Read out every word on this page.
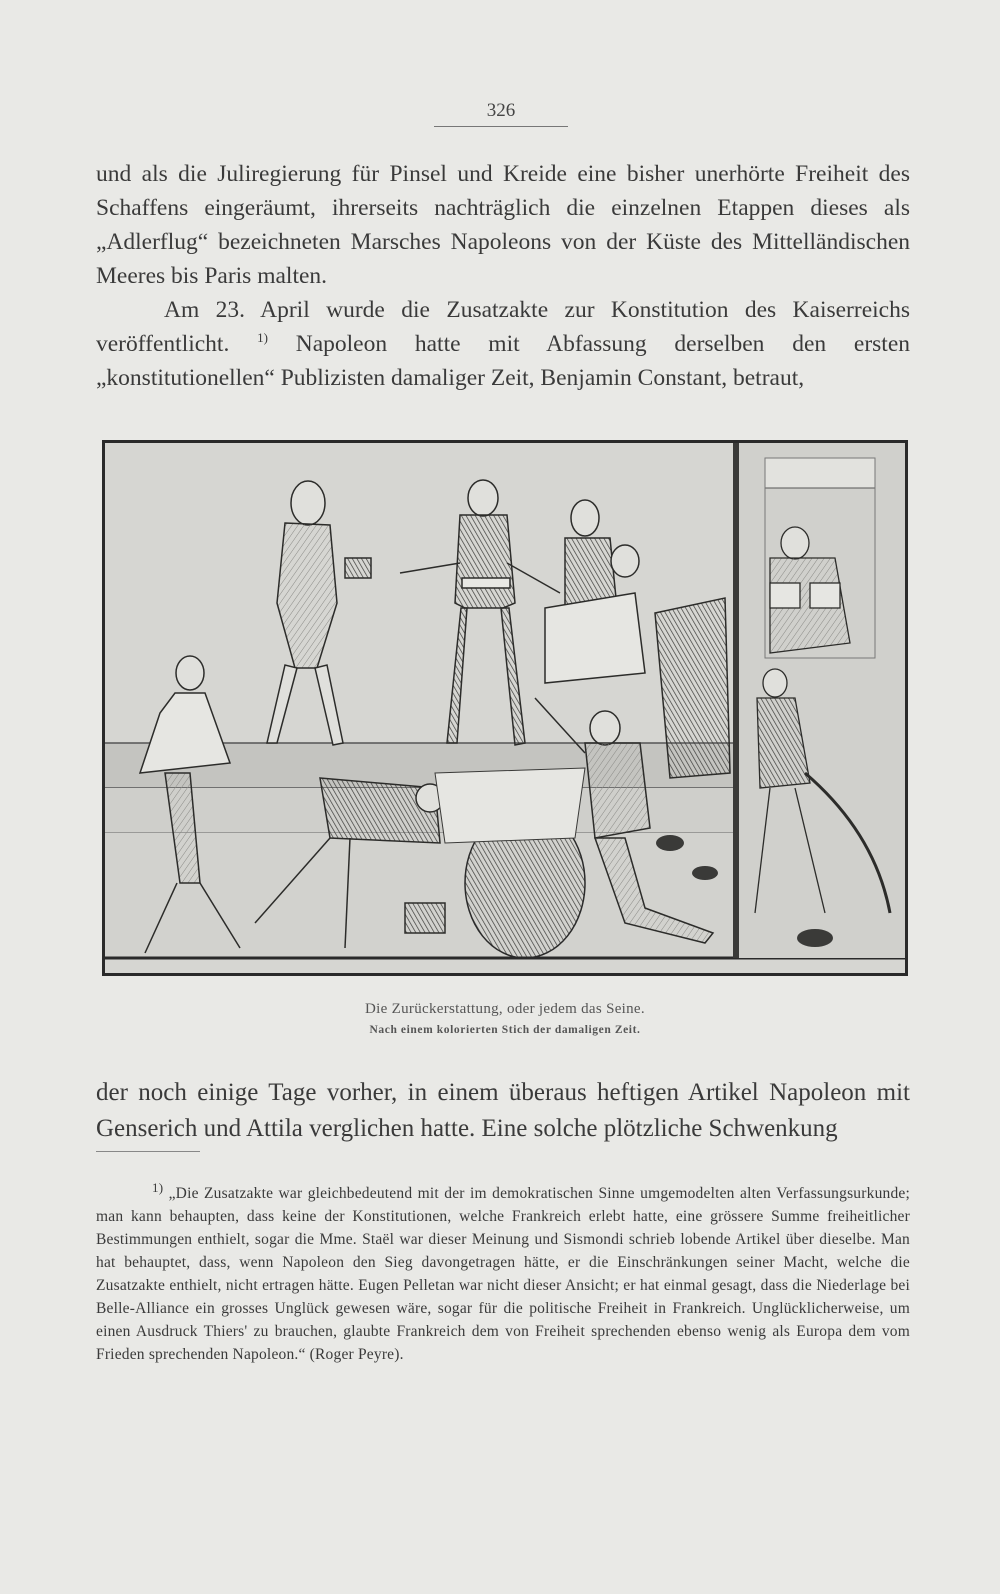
326

und als die Juliregierung für Pinsel und Kreide eine bisher unerhörte Freiheit des Schaffens eingeräumt, ihrerseits nachträglich die einzelnen Etappen dieses als „Adlerflug“ bezeichneten Marsches Napoleons von der Küste des Mittelländischen Meeres bis Paris malten.

Am 23. April wurde die Zusatzakte zur Konstitution des Kaiserreichs veröffentlicht. $^{1)}$ Napoleon hatte mit Abfassung derselben den ersten „konstitutionellen“ Publizisten damaliger Zeit, Benjamin Constant, betraut,

Die Zurückerstattung, oder jedem das Seine.
Nach einem kolorierten Stich der damaligen Zeit.

der noch einige Tage vorher, in einem überaus heftigen Artikel Napoleon mit Genserich und Attila verglichen hatte. Eine solche plötzliche Schwenkung

$^{1)}$ „Die Zusatzakte war gleichbedeutend mit der im demokratischen Sinne umgemodelten alten Verfassungsurkunde; man kann behaupten, dass keine der Konstitutionen, welche Frankreich erlebt hatte, eine grössere Summe freiheitlicher Bestimmungen enthielt, sogar die Mme. Staël war dieser Meinung und Sismondi schrieb lobende Artikel über dieselbe. Man hat behauptet, dass, wenn Napoleon den Sieg davongetragen hätte, er die Einschränkungen seiner Macht, welche die Zusatzakte enthielt, nicht ertragen hätte. Eugen Pelletan war nicht dieser Ansicht; er hat einmal gesagt, dass die Niederlage bei Belle-Alliance ein grosses Unglück gewesen wäre, sogar für die politische Freiheit in Frankreich. Unglücklicherweise, um einen Ausdruck Thiers' zu brauchen, glaubte Frankreich dem von Freiheit sprechenden ebenso wenig als Europa dem vom Frieden sprechenden Napoleon.“ (Roger Peyre).
